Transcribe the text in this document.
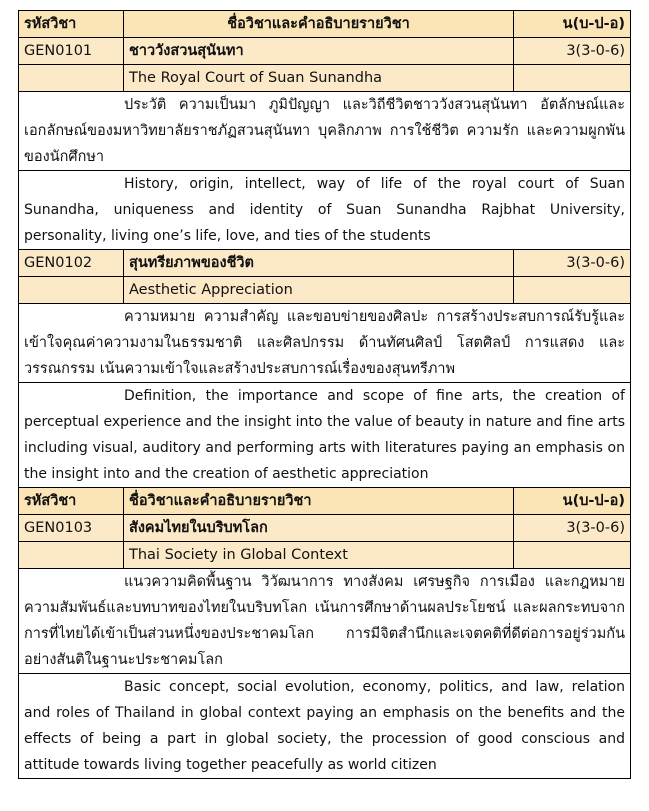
รหัสวิชา	ชื่อวิชาและคำอธิบายรายวิชา	น(บ-ป-อ)
GEN0101	ชาววังสวนสุนันทา	3(3-0-6)
	The Royal Court of Suan Sunandha	
ประวัติ ความเป็นมา ภูมิปัญญา และวิถีชีวิตชาววังสวนสุนันทา อัตลักษณ์และเอกลักษณ์ของมหาวิทยาลัยราชภัฏสวนสุนันทา บุคลิกภาพ การใช้ชีวิต ความรัก และความผูกพันของนักศึกษา		
History, origin, intellect, way of life of the royal court of Suan Sunandha, uniqueness and identity of Suan Sunandha Rajbhat University, personality, living one’s life, love, and ties of the students		
GEN0102	สุนทรียภาพของชีวิต	3(3-0-6)
	Aesthetic Appreciation	
ความหมาย ความสำคัญ และขอบข่ายของศิลปะ การสร้างประสบการณ์รับรู้และเข้าใจคุณค่าความงามในธรรมชาติ และศิลปกรรม ด้านทัศนศิลป์ โสตศิลป์ การแสดง และวรรณกรรม เน้นความเข้าใจและสร้างประสบการณ์เรื่องของสุนทรีภาพ		
Definition, the importance and scope of fine arts, the creation of perceptual experience and the insight into the value of beauty in nature and fine arts including visual, auditory and performing arts with literatures paying an emphasis on the insight into and the creation of aesthetic appreciation		
รหัสวิชา	ชื่อวิชาและคำอธิบายรายวิชา	น(บ-ป-อ)
GEN0103	สังคมไทยในบริบทโลก	3(3-0-6)
	Thai Society in Global Context	
แนวความคิดพื้นฐาน วิวัฒนาการ ทางสังคม เศรษฐกิจ การเมือง และกฎหมาย ความสัมพันธ์และบทบาทของไทยในบริบทโลก เน้นการศึกษาด้านผลประโยชน์ และผลกระทบจากการที่ไทยได้เข้าเป็นส่วนหนึ่งของประชาคมโลก การมีจิตสำนึกและเจตคติที่ดีต่อการอยู่ร่วมกันอย่างสันติในฐานะประชาคมโลก		
Basic concept, social evolution, economy, politics, and law, relation and roles of Thailand in global context paying an emphasis on the benefits and the effects of being a part in global society, the procession of good conscious and attitude towards living together peacefully as world citizen		
